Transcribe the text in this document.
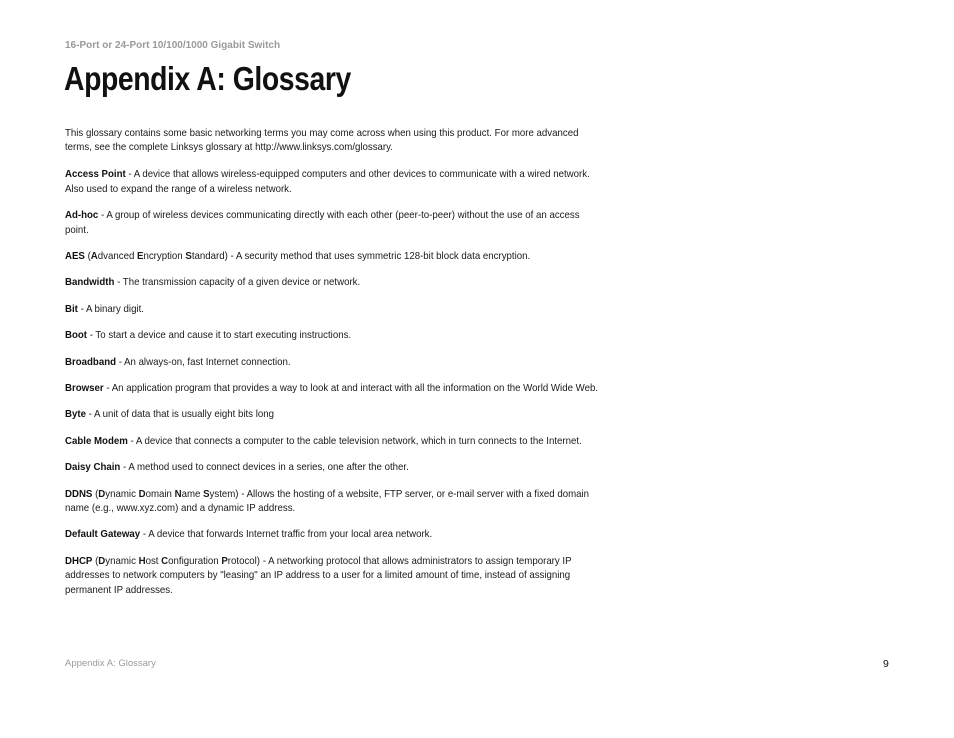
16-Port or 24-Port 10/100/1000 Gigabit Switch
Appendix A: Glossary

This glossary contains some basic networking terms you may come across when using this product. For more advanced terms, see the complete Linksys glossary at http://www.linksys.com/glossary.

Access Point - A device that allows wireless-equipped computers and other devices to communicate with a wired network. Also used to expand the range of a wireless network.

Ad-hoc - A group of wireless devices communicating directly with each other (peer-to-peer) without the use of an access point.

AES (Advanced Encryption Standard) - A security method that uses symmetric 128-bit block data encryption.

Bandwidth - The transmission capacity of a given device or network.

Bit - A binary digit.

Boot - To start a device and cause it to start executing instructions.

Broadband - An always-on, fast Internet connection.

Browser - An application program that provides a way to look at and interact with all the information on the World Wide Web.

Byte - A unit of data that is usually eight bits long

Cable Modem - A device that connects a computer to the cable television network, which in turn connects to the Internet.

Daisy Chain - A method used to connect devices in a series, one after the other.

DDNS (Dynamic Domain Name System) - Allows the hosting of a website, FTP server, or e-mail server with a fixed domain name (e.g., www.xyz.com) and a dynamic IP address.

Default Gateway - A device that forwards Internet traffic from your local area network.

DHCP (Dynamic Host Configuration Protocol) - A networking protocol that allows administrators to assign temporary IP addresses to network computers by "leasing" an IP address to a user for a limited amount of time, instead of assigning permanent IP addresses.

Appendix A: Glossary	9
